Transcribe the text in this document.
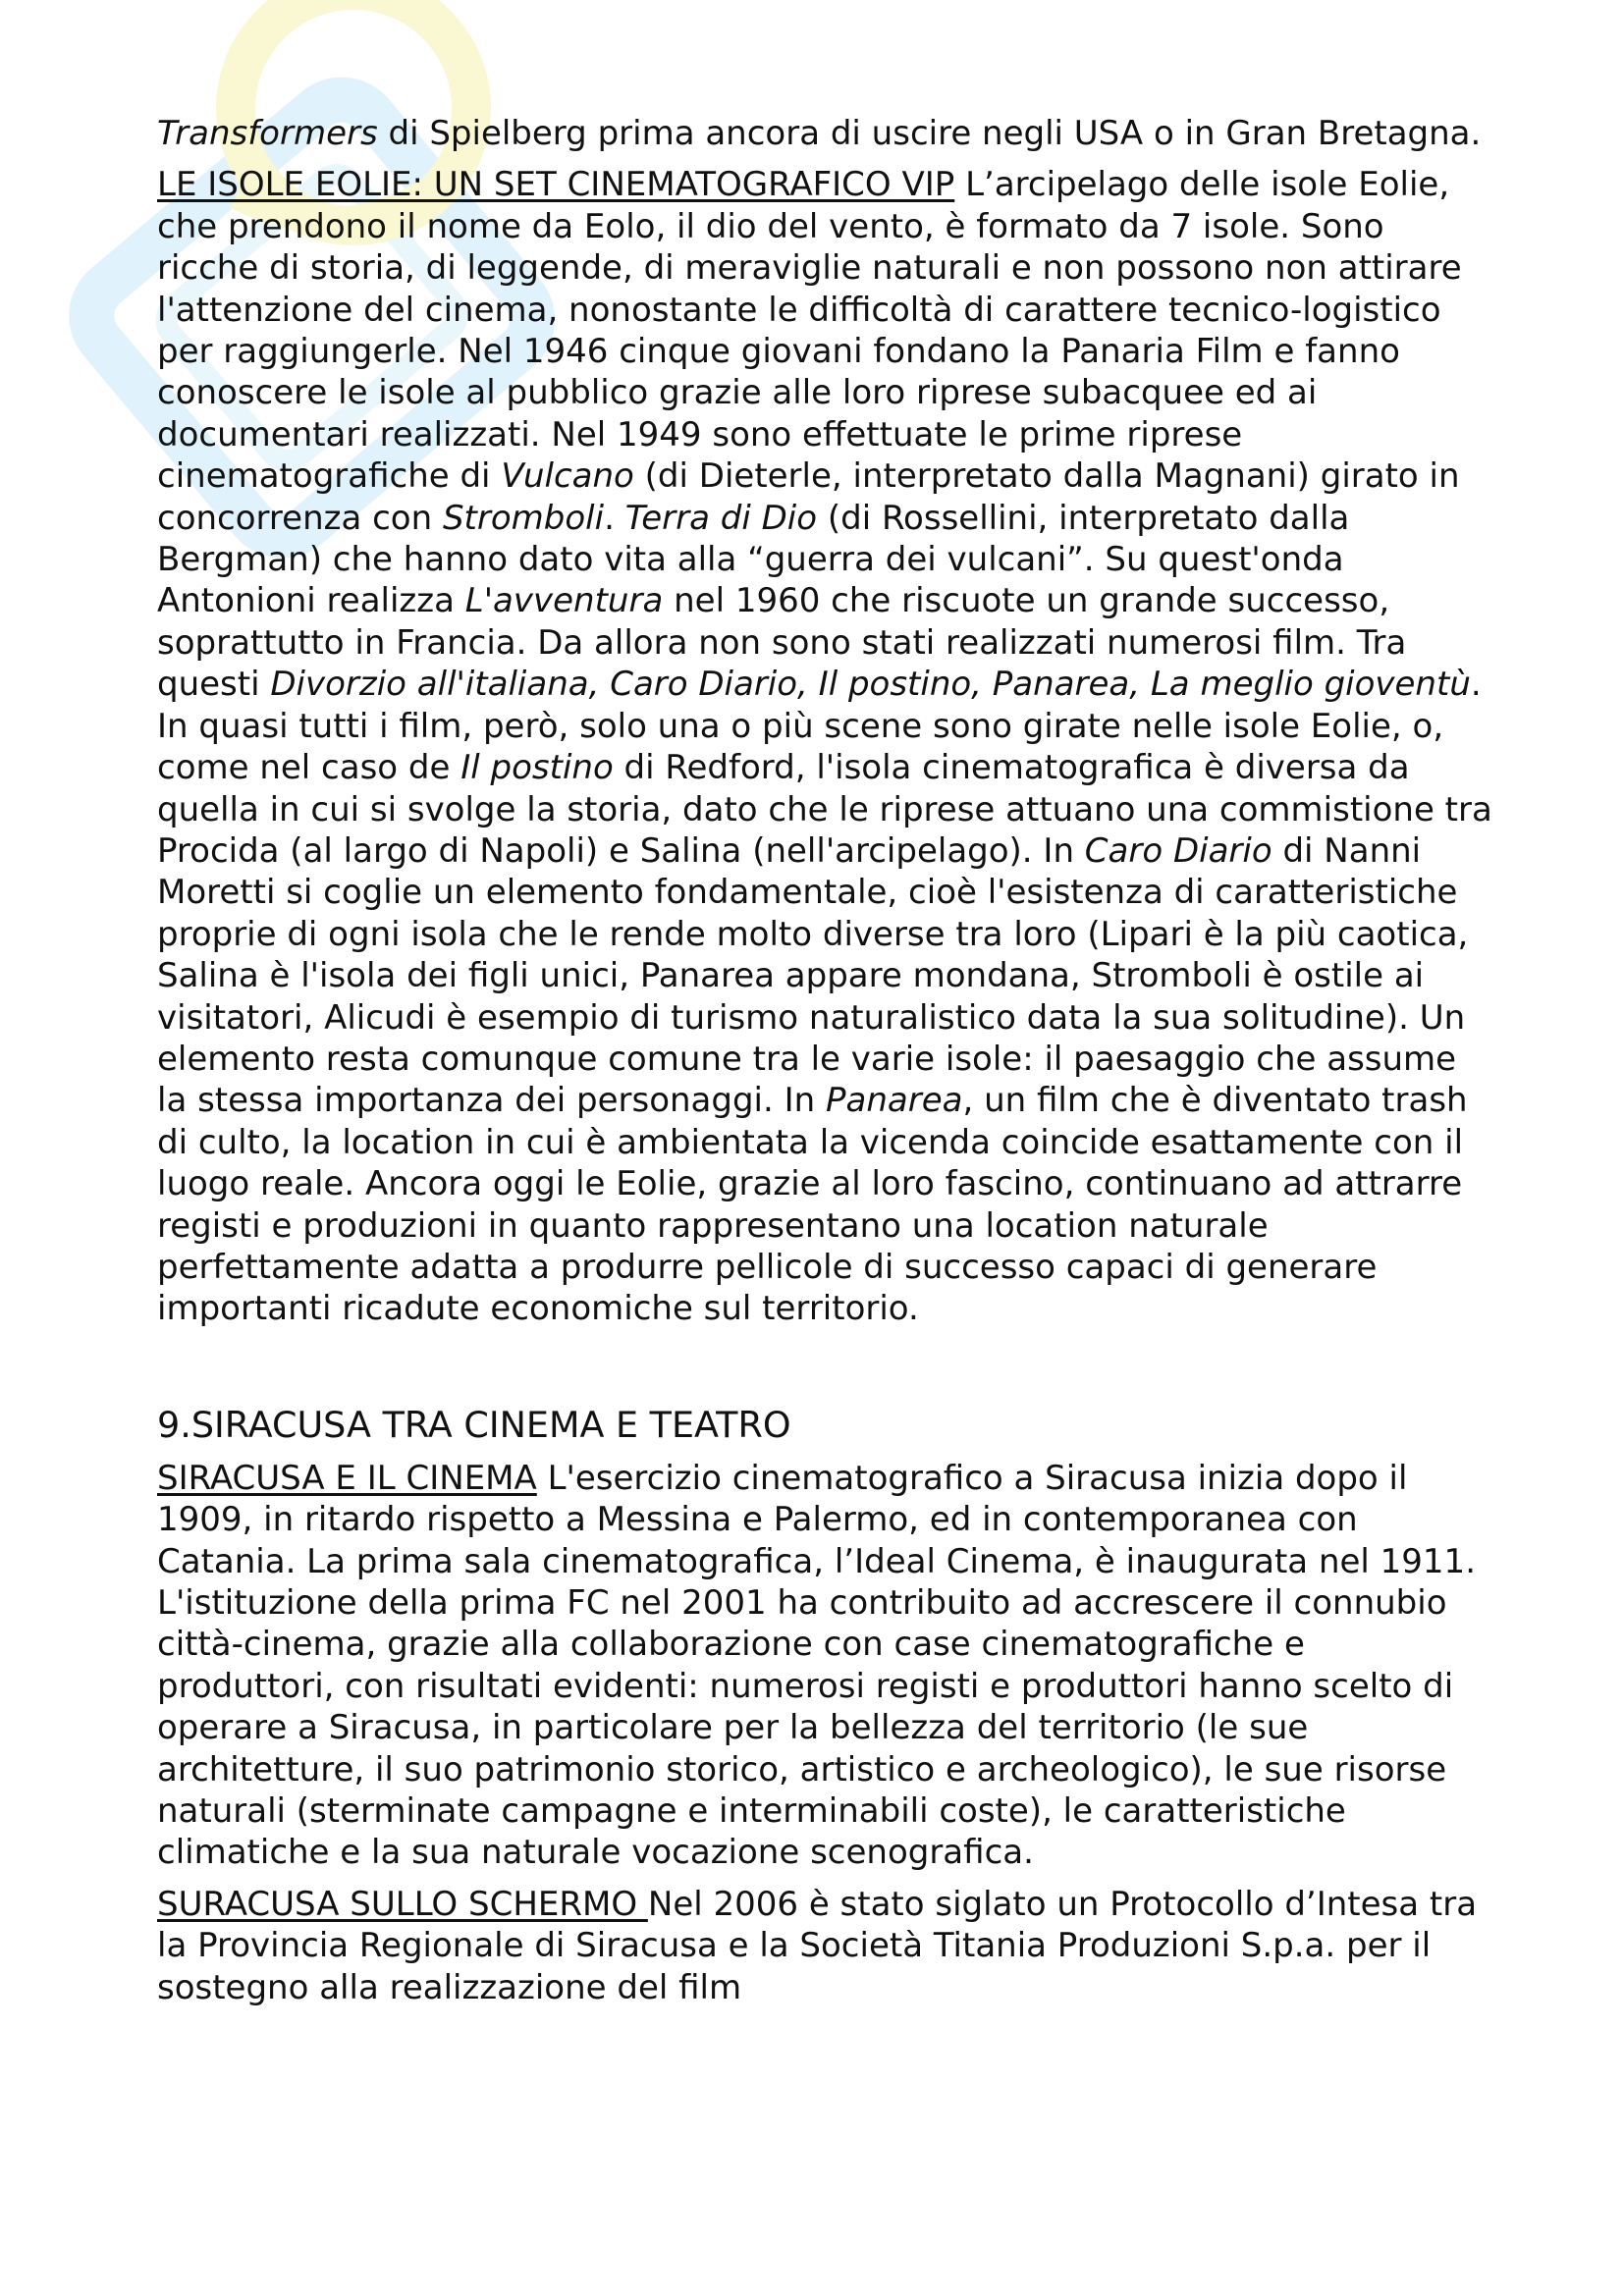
Transformers di Spielberg prima ancora di uscire negli USA o in Gran Bretagna.

LE ISOLE EOLIE: UN SET CINEMATOGRAFICO VIP L’arcipelago delle isole Eolie, che prendono il nome da Eolo, il dio del vento, è formato da 7 isole. Sono ricche di storia, di leggende, di meraviglie naturali e non possono non attirare l'attenzione del cinema, nonostante le difficoltà di carattere tecnico-logistico per raggiungerle. Nel 1946 cinque giovani fondano la Panaria Film e fanno conoscere le isole al pubblico grazie alle loro riprese subacquee ed ai documentari realizzati. Nel 1949 sono effettuate le prime riprese cinematografiche di Vulcano (di Dieterle, interpretato dalla Magnani) girato in concorrenza con Stromboli. Terra di Dio (di Rossellini, interpretato dalla Bergman) che hanno dato vita alla “guerra dei vulcani”. Su quest'onda Antonioni realizza L'avventura nel 1960 che riscuote un grande successo, soprattutto in Francia. Da allora non sono stati realizzati numerosi film. Tra questi Divorzio all'italiana, Caro Diario, Il postino, Panarea, La meglio gioventù. In quasi tutti i film, però, solo una o più scene sono girate nelle isole Eolie, o, come nel caso de Il postino di Redford, l'isola cinematografica è diversa da quella in cui si svolge la storia, dato che le riprese attuano una commistione tra Procida (al largo di Napoli) e Salina (nell'arcipelago). In Caro Diario di Nanni Moretti si coglie un elemento fondamentale, cioè l'esistenza di caratteristiche proprie di ogni isola che le rende molto diverse tra loro (Lipari è la più caotica, Salina è l'isola dei figli unici, Panarea appare mondana, Stromboli è ostile ai visitatori, Alicudi è esempio di turismo naturalistico data la sua solitudine). Un elemento resta comunque comune tra le varie isole: il paesaggio che assume la stessa importanza dei personaggi. In Panarea, un film che è diventato trash di culto, la location in cui è ambientata la vicenda coincide esattamente con il luogo reale. Ancora oggi le Eolie, grazie al loro fascino, continuano ad attrarre registi e produzioni in quanto rappresentano una location naturale perfettamente adatta a produrre pellicole di successo capaci di generare importanti ricadute economiche sul territorio.

9.SIRACUSA TRA CINEMA E TEATRO

SIRACUSA E IL CINEMA L'esercizio cinematografico a Siracusa inizia dopo il 1909, in ritardo rispetto a Messina e Palermo, ed in contemporanea con Catania. La prima sala cinematografica, l’Ideal Cinema, è inaugurata nel 1911. L'istituzione della prima FC nel 2001 ha contribuito ad accrescere il connubio città-cinema, grazie alla collaborazione con case cinematografiche e produttori, con risultati evidenti: numerosi registi e produttori hanno scelto di operare a Siracusa, in particolare per la bellezza del territorio (le sue architetture, il suo patrimonio storico, artistico e archeologico), le sue risorse naturali (sterminate campagne e interminabili coste), le caratteristiche climatiche e la sua naturale vocazione scenografica.

SURACUSA SULLO SCHERMO Nel 2006 è stato siglato un Protocollo d’Intesa tra la Provincia Regionale di Siracusa e la Società Titania Produzioni S.p.a. per il sostegno alla realizzazione del film
